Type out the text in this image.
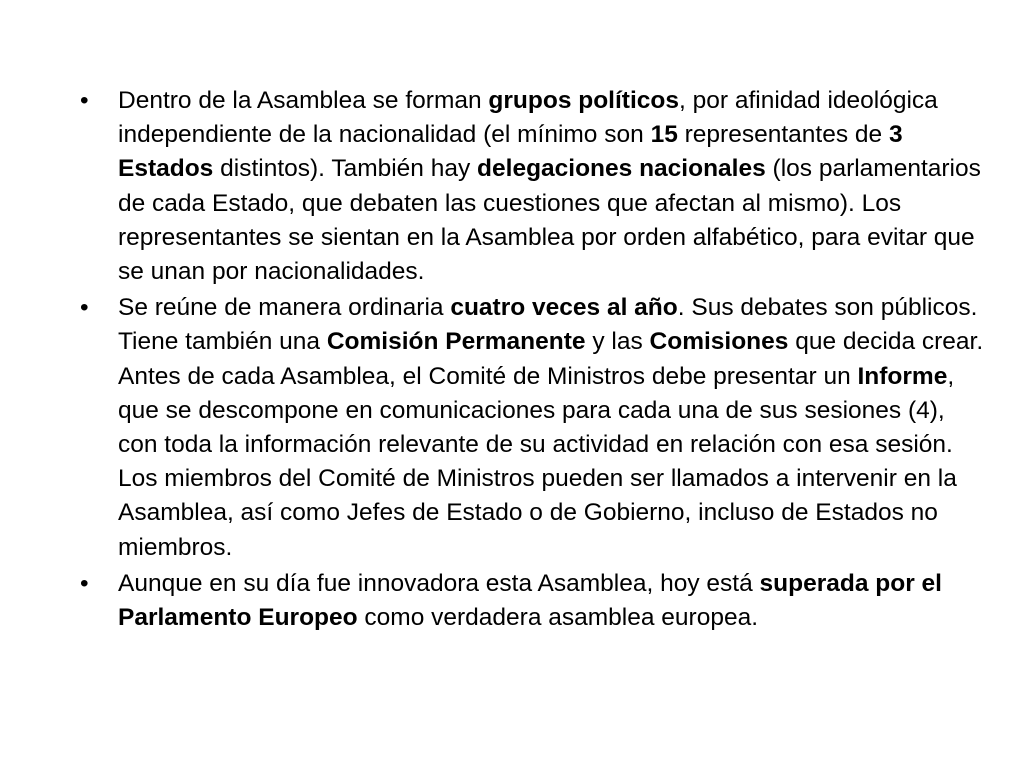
• Dentro de la Asamblea se forman grupos políticos, por afinidad ideológica independiente de la nacionalidad (el mínimo son 15 representantes de 3 Estados distintos). También hay delegaciones nacionales (los parlamentarios de cada Estado, que debaten las cuestiones que afectan al mismo). Los representantes se sientan en la Asamblea por orden alfabético, para evitar que se unan por nacionalidades.
• Se reúne de manera ordinaria cuatro veces al año. Sus debates son públicos. Tiene también una Comisión Permanente y las Comisiones que decida crear. Antes de cada Asamblea, el Comité de Ministros debe presentar un Informe, que se descompone en comunicaciones para cada una de sus sesiones (4), con toda la información relevante de su actividad en relación con esa sesión. Los miembros del Comité de Ministros pueden ser llamados a intervenir en la Asamblea, así como Jefes de Estado o de Gobierno, incluso de Estados no miembros.
• Aunque en su día fue innovadora esta Asamblea, hoy está superada por el Parlamento Europeo como verdadera asamblea europea.
